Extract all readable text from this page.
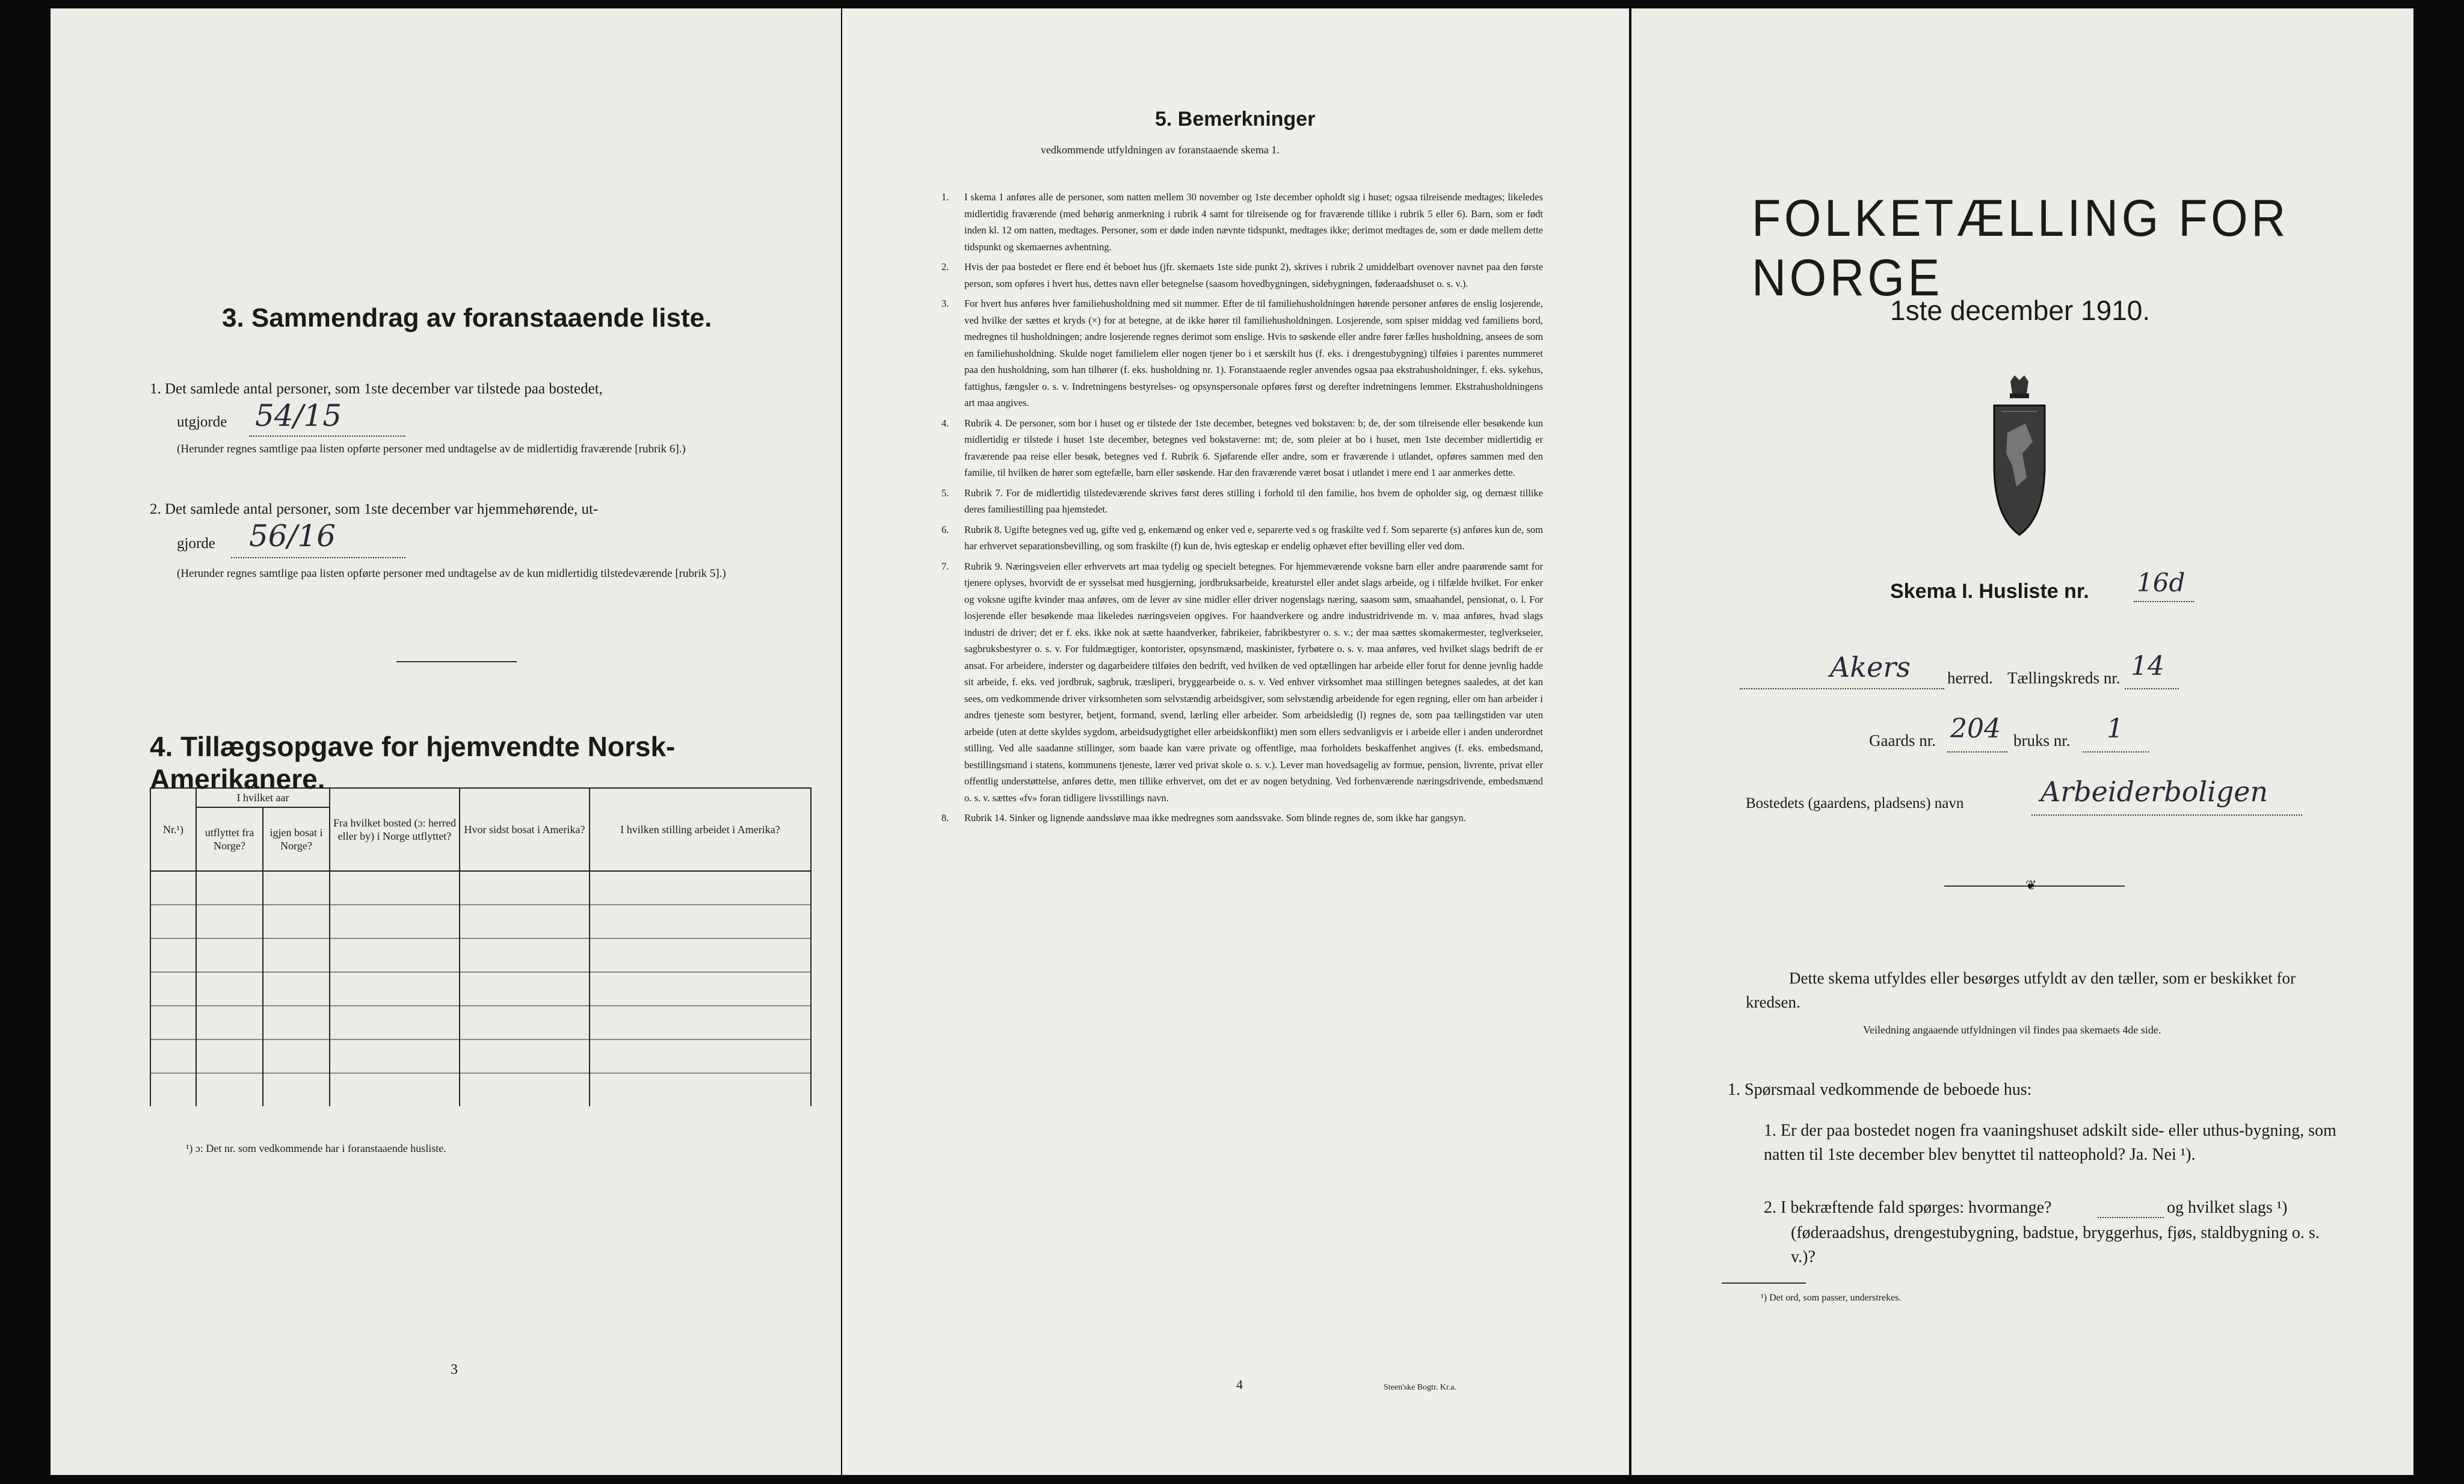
3. Sammendrag av foranstaaende liste.
1. Det samlede antal personer, som 1ste december var tilstede paa bostedet,
utgjorde 54/15
(Herunder regnes samtlige paa listen opførte personer med undtagelse av de midlertidig fraværende [rubrik 6].)
2. Det samlede antal personer, som 1ste december var hjemmehørende, ut-
gjorde 56/16
(Herunder regnes samtlige paa listen opførte personer med undtagelse av de kun midlertidig tilstedeværende [rubrik 5].)
4. Tillægsopgave for hjemvendte Norsk-Amerikanere.
Nr.¹)	I hvilket aar		Fra hvilket bosted (ɔ: herred eller by) i Norge utflyttet?	Hvor sidst bosat i Amerika?	I hvilken stilling arbeidet i Amerika?
	utflyttet fra Norge?	igjen bosat i Norge?			

¹) ɔ: Det nr. som vedkommende har i foranstaaende husliste.
3
5. Bemerkninger
vedkommende utfyldningen av foranstaaende skema 1.
1. I skema 1 anføres alle de personer, som natten mellem 30 november og 1ste december opholdt sig i huset; ogsaa tilreisende medtages; likeledes midlertidig fraværende (med behørig anmerkning i rubrik 4 samt for tilreisende og for fraværende tillike i rubrik 5 eller 6). Barn, som er født inden kl. 12 om natten, medtages. Personer, som er døde inden nævnte tidspunkt, medtages ikke; derimot medtages de, som er døde mellem dette tidspunkt og skemaernes avhentning.
2. Hvis der paa bostedet er flere end ét beboet hus (jfr. skemaets 1ste side punkt 2), skrives i rubrik 2 umiddelbart ovenover navnet paa den første person, som opføres i hvert hus, dettes navn eller betegnelse (saasom hovedbygningen, sidebygningen, føderaadshuset o. s. v.).
3. For hvert hus anføres hver familiehusholdning med sit nummer. Efter de til familiehusholdningen hørende personer anføres de enslig losjerende, ved hvilke der sættes et kryds (×) for at betegne, at de ikke hører til familiehusholdningen. Losjerende, som spiser middag ved familiens bord, medregnes til husholdningen; andre losjerende regnes derimot som enslige. Hvis to søskende eller andre fører fælles husholdning, ansees de som en familiehusholdning. Skulde noget familielem eller nogen tjener bo i et særskilt hus (f. eks. i drengestubygning) tilføies i parentes nummeret paa den husholdning, som han tilhører (f. eks. husholdning nr. 1). Foranstaaende regler anvendes ogsaa paa ekstrahusholdninger, f. eks. sykehus, fattighus, fængsler o. s. v. Indretningens bestyrelses- og opsynspersonale opføres først og derefter indretningens lemmer. Ekstrahusholdningens art maa angives.
4. Rubrik 4. De personer, som bor i huset og er tilstede der 1ste december, betegnes ved bokstaven: b; de, der som tilreisende eller besøkende kun midlertidig er tilstede i huset 1ste december, betegnes ved bokstaverne: mt; de, som pleier at bo i huset, men 1ste december midlertidig er fraværende paa reise eller besøk, betegnes ved f. Rubrik 6. Sjøfarende eller andre, som er fraværende i utlandet, opføres sammen med den familie, til hvilken de hører som egtefælle, barn eller søskende. Har den fraværende været bosat i utlandet i mere end 1 aar anmerkes dette.
5. Rubrik 7. For de midlertidig tilstedeværende skrives først deres stilling i forhold til den familie, hos hvem de opholder sig, og dernæst tillike deres familiestilling paa hjemstedet.
6. Rubrik 8. Ugifte betegnes ved ug, gifte ved g, enkemænd og enker ved e, separerte ved s og fraskilte ved f. Som separerte (s) anføres kun de, som har erhvervet separationsbevilling, og som fraskilte (f) kun de, hvis egteskap er endelig ophævet efter bevilling eller ved dom.
7. Rubrik 9. Næringsveien eller erhvervets art maa tydelig og specielt betegnes. For hjemmeværende voksne barn eller andre paarørende samt for tjenere oplyses, hvorvidt de er sysselsat med husgjerning, jordbruksarbeide, kreaturstel eller andet slags arbeide, og i tilfælde hvilket. For enker og voksne ugifte kvinder maa anføres, om de lever av sine midler eller driver nogenslags næring, saasom søm, smaahandel, pensionat, o. l. For losjerende eller besøkende maa likeledes næringsveien opgives. For haandverkere og andre industridrivende m. v. maa anføres, hvad slags industri de driver; det er f. eks. ikke nok at sætte haandverker, fabrikeier, fabrikbestyrer o. s. v.; der maa sættes skomakermester, teglverkseier, sagbruksbestyrer o. s. v. For fuldmægtiger, kontorister, opsynsmænd, maskinister, fyrbøtere o. s. v. maa anføres, ved hvilket slags bedrift de er ansat. For arbeidere, inderster og dagarbeidere tilføies den bedrift, ved hvilken de ved optællingen har arbeide eller forut for denne jevnlig hadde sit arbeide, f. eks. ved jordbruk, sagbruk, træsliperi, bryggearbeide o. s. v. Ved enhver virksomhet maa stillingen betegnes saaledes, at det kan sees, om vedkommende driver virksomheten som selvstændig arbeidsgiver, som selvstændig arbeidende for egen regning, eller om han arbeider i andres tjeneste som bestyrer, betjent, formand, svend, lærling eller arbeider. Som arbeidsledig (l) regnes de, som paa tællingstiden var uten arbeide (uten at dette skyldes sygdom, arbeidsudygtighet eller arbeidskonflikt) men som ellers sedvanligvis er i arbeide eller i anden underordnet stilling. Ved alle saadanne stillinger, som baade kan være private og offentlige, maa forholdets beskaffenhet angives (f. eks. embedsmand, bestillingsmand i statens, kommunens tjeneste, lærer ved privat skole o. s. v.). Lever man hovedsagelig av formue, pension, livrente, privat eller offentlig understøttelse, anføres dette, men tillike erhvervet, om det er av nogen betydning. Ved forhenværende næringsdrivende, embedsmænd o. s. v. sættes «fv» foran tidligere livsstillings navn.
8. Rubrik 14. Sinker og lignende aandssløve maa ikke medregnes som aandssvake. Som blinde regnes de, som ikke har gangsyn.
4	Steen'ske Bogtr. Kr.a.
FOLKETÆLLING FOR NORGE
1ste december 1910.
Skema I. Husliste nr. 16d
Akers herred. Tællingskreds nr. 14
Gaards nr. 204 bruks nr. 1
Bostedets (gaardens, pladsens) navn	Arbeiderboligen
❦
Dette skema utfyldes eller besørges utfyldt av den tæller, som er beskikket for kredsen.
Veiledning angaaende utfyldningen vil findes paa skemaets 4de side.
1. Spørsmaal vedkommende de beboede hus:
1. Er der paa bostedet nogen fra vaaningshuset adskilt side- eller uthus-bygning, som natten til 1ste december blev benyttet til natteophold? Ja. Nei ¹).
2. I bekræftende fald spørges: hvormange?	og hvilket slags ¹)
(føderaadshus, drengestubygning, badstue, bryggerhus, fjøs, staldbygning o. s. v.)?
¹) Det ord, som passer, understrekes.
